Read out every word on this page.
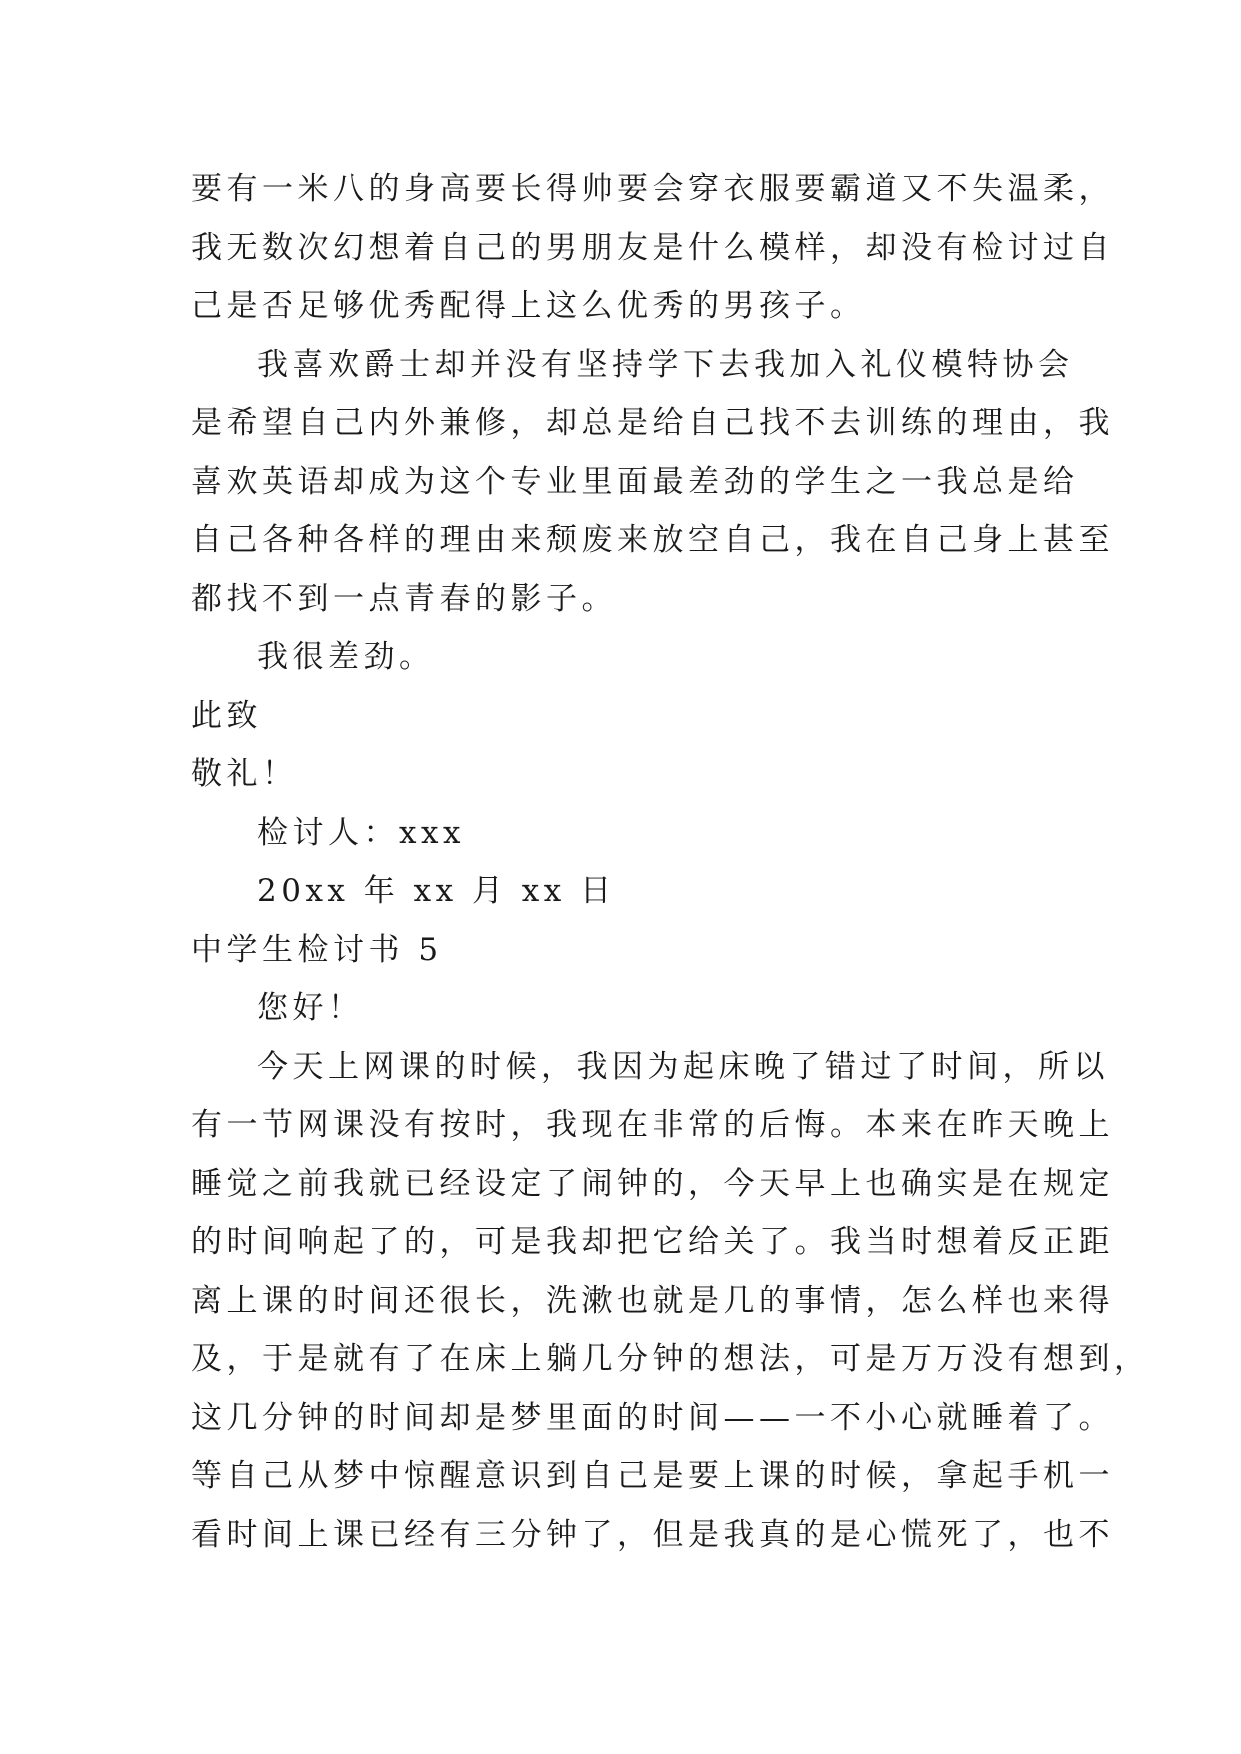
要有一米八的身高要长得帅要会穿衣服要霸道又不失温柔，
我无数次幻想着自己的男朋友是什么模样，却没有检讨过自
己是否足够优秀配得上这么优秀的男孩子。
我喜欢爵士却并没有坚持学下去我加入礼仪模特协会
是希望自己内外兼修，却总是给自己找不去训练的理由，我
喜欢英语却成为这个专业里面最差劲的学生之一我总是给
自己各种各样的理由来颓废来放空自己，我在自己身上甚至
都找不到一点青春的影子。
我很差劲。
此致
敬礼！
检讨人：xxx
20xx 年 xx 月 xx 日
中学生检讨书 5
您好！
今天上网课的时候，我因为起床晚了错过了时间，所以
有一节网课没有按时，我现在非常的后悔。本来在昨天晚上
睡觉之前我就已经设定了闹钟的，今天早上也确实是在规定
的时间响起了的，可是我却把它给关了。我当时想着反正距
离上课的时间还很长，洗漱也就是几的事情，怎么样也来得
及，于是就有了在床上躺几分钟的想法，可是万万没有想到，
这几分钟的时间却是梦里面的时间——一不小心就睡着了。
等自己从梦中惊醒意识到自己是要上课的时候，拿起手机一
看时间上课已经有三分钟了，但是我真的是心慌死了，也不
